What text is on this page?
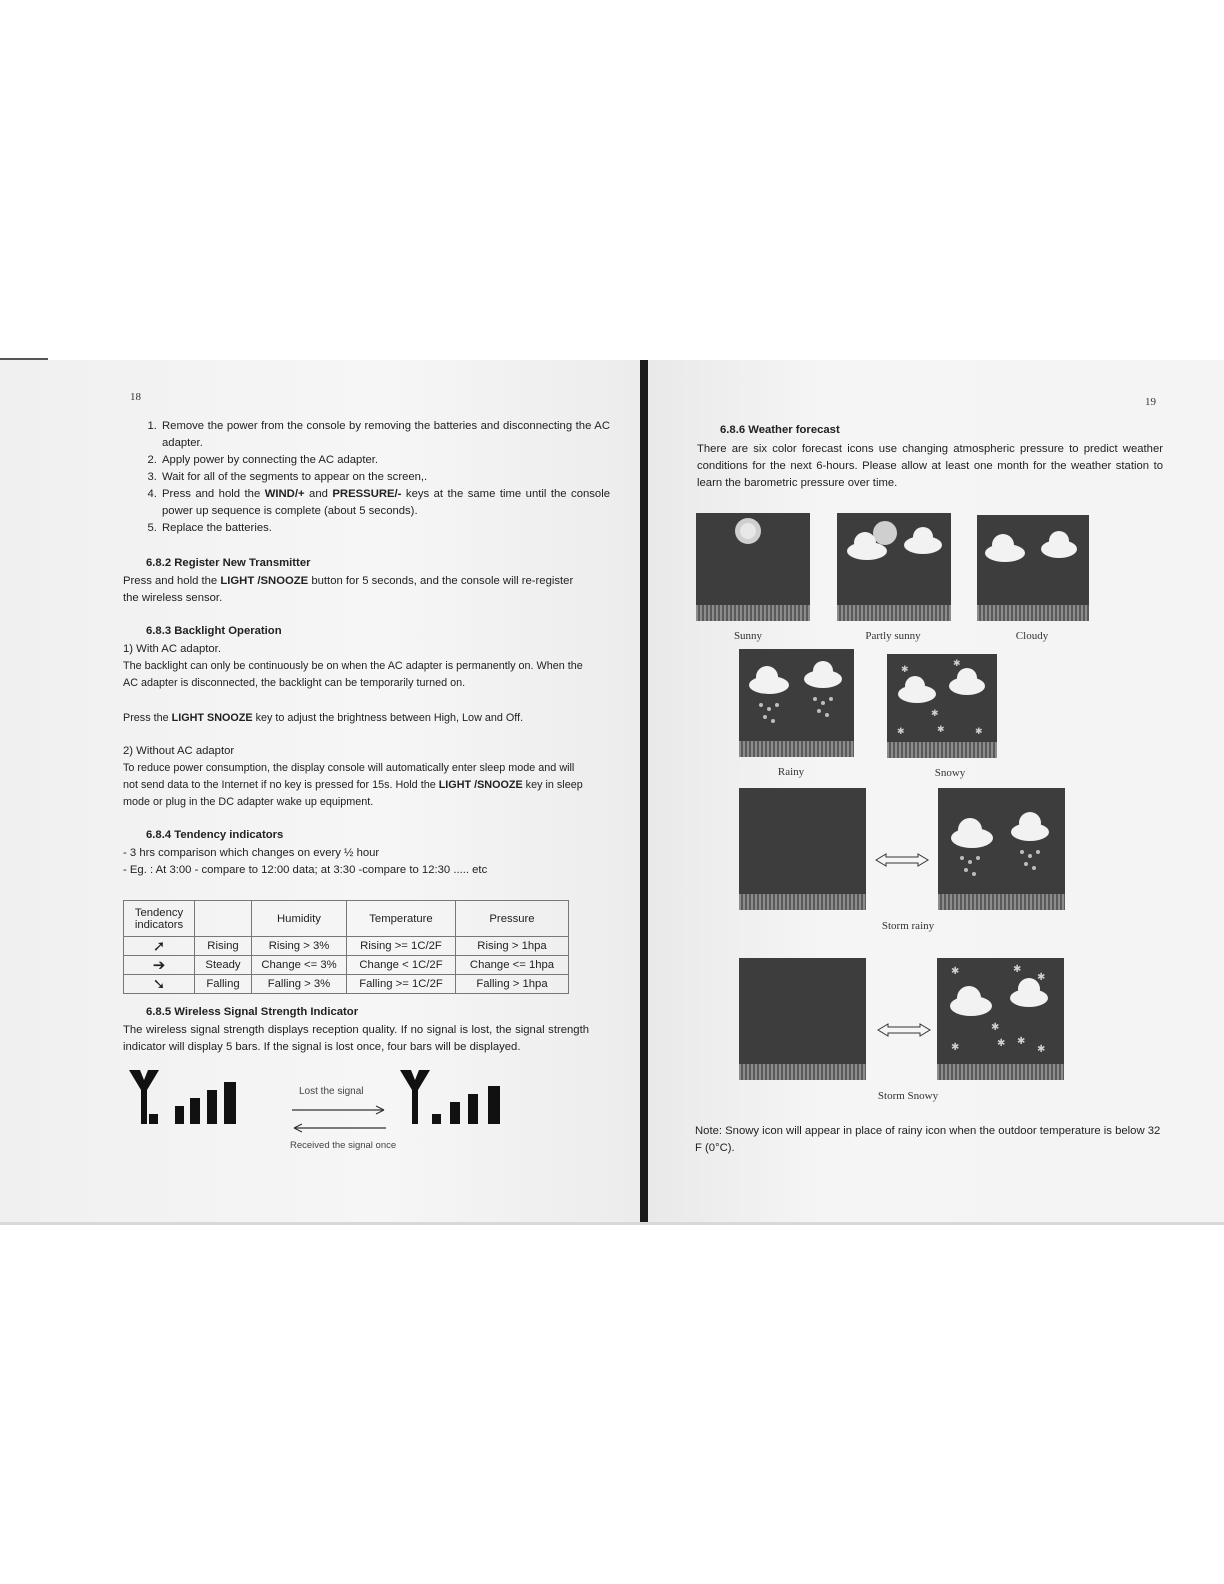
18
1. Remove the power from the console by removing the batteries and disconnecting the AC adapter.
2. Apply power by connecting the AC adapter.
3. Wait for all of the segments to appear on the screen,.
4. Press and hold the WIND/+ and PRESSURE/- keys at the same time until the console power up sequence is complete (about 5 seconds).
5. Replace the batteries.
6.8.2 Register New Transmitter
Press and hold the LIGHT /SNOOZE button for 5 seconds, and the console will re-register the wireless sensor.
6.8.3 Backlight Operation
1) With AC adaptor.
The backlight can only be continuously be on when the AC adapter is permanently on. When the AC adapter is disconnected, the backlight can be temporarily turned on.
Press the LIGHT SNOOZE key to adjust the brightness between High, Low and Off.
2) Without AC adaptor
To reduce power consumption, the display console will automatically enter sleep mode and will not send data to the Internet if no key is pressed for 15s. Hold the LIGHT /SNOOZE key in sleep mode or plug in the DC adapter wake up equipment.
6.8.4 Tendency indicators
- 3 hrs comparison which changes on every ½ hour
- Eg. : At 3:00 - compare to 12:00 data; at 3:30 -compare to 12:30 ..... etc
Tendency indicators		Humidity	Temperature	Pressure
➚	Rising	Rising > 3%	Rising >= 1C/2F	Rising > 1hpa
➔	Steady	Change <= 3%	Change < 1C/2F	Change <= 1hpa
➘	Falling	Falling > 3%	Falling >= 1C/2F	Falling > 1hpa
6.8.5 Wireless Signal Strength Indicator
The wireless signal strength displays reception quality. If no signal is lost, the signal strength indicator will display 5 bars. If the signal is lost once, four bars will be displayed.
Lost the signal
Received the signal once
19
6.8.6 Weather forecast
There are six color forecast icons use changing atmospheric pressure to predict weather conditions for the next 6-hours. Please allow at least one month for the weather station to learn the barometric pressure over time.
Sunny	Partly sunny	Cloudy
✱
✱
✱
✱	✱
✱
Rainy	Snowy
Storm rainy
✱	✱
✱
✱
✱
✱	✱
✱
Storm Snowy
Note: Snowy icon will appear in place of rainy icon when the outdoor temperature is below 32 F (0°C).
